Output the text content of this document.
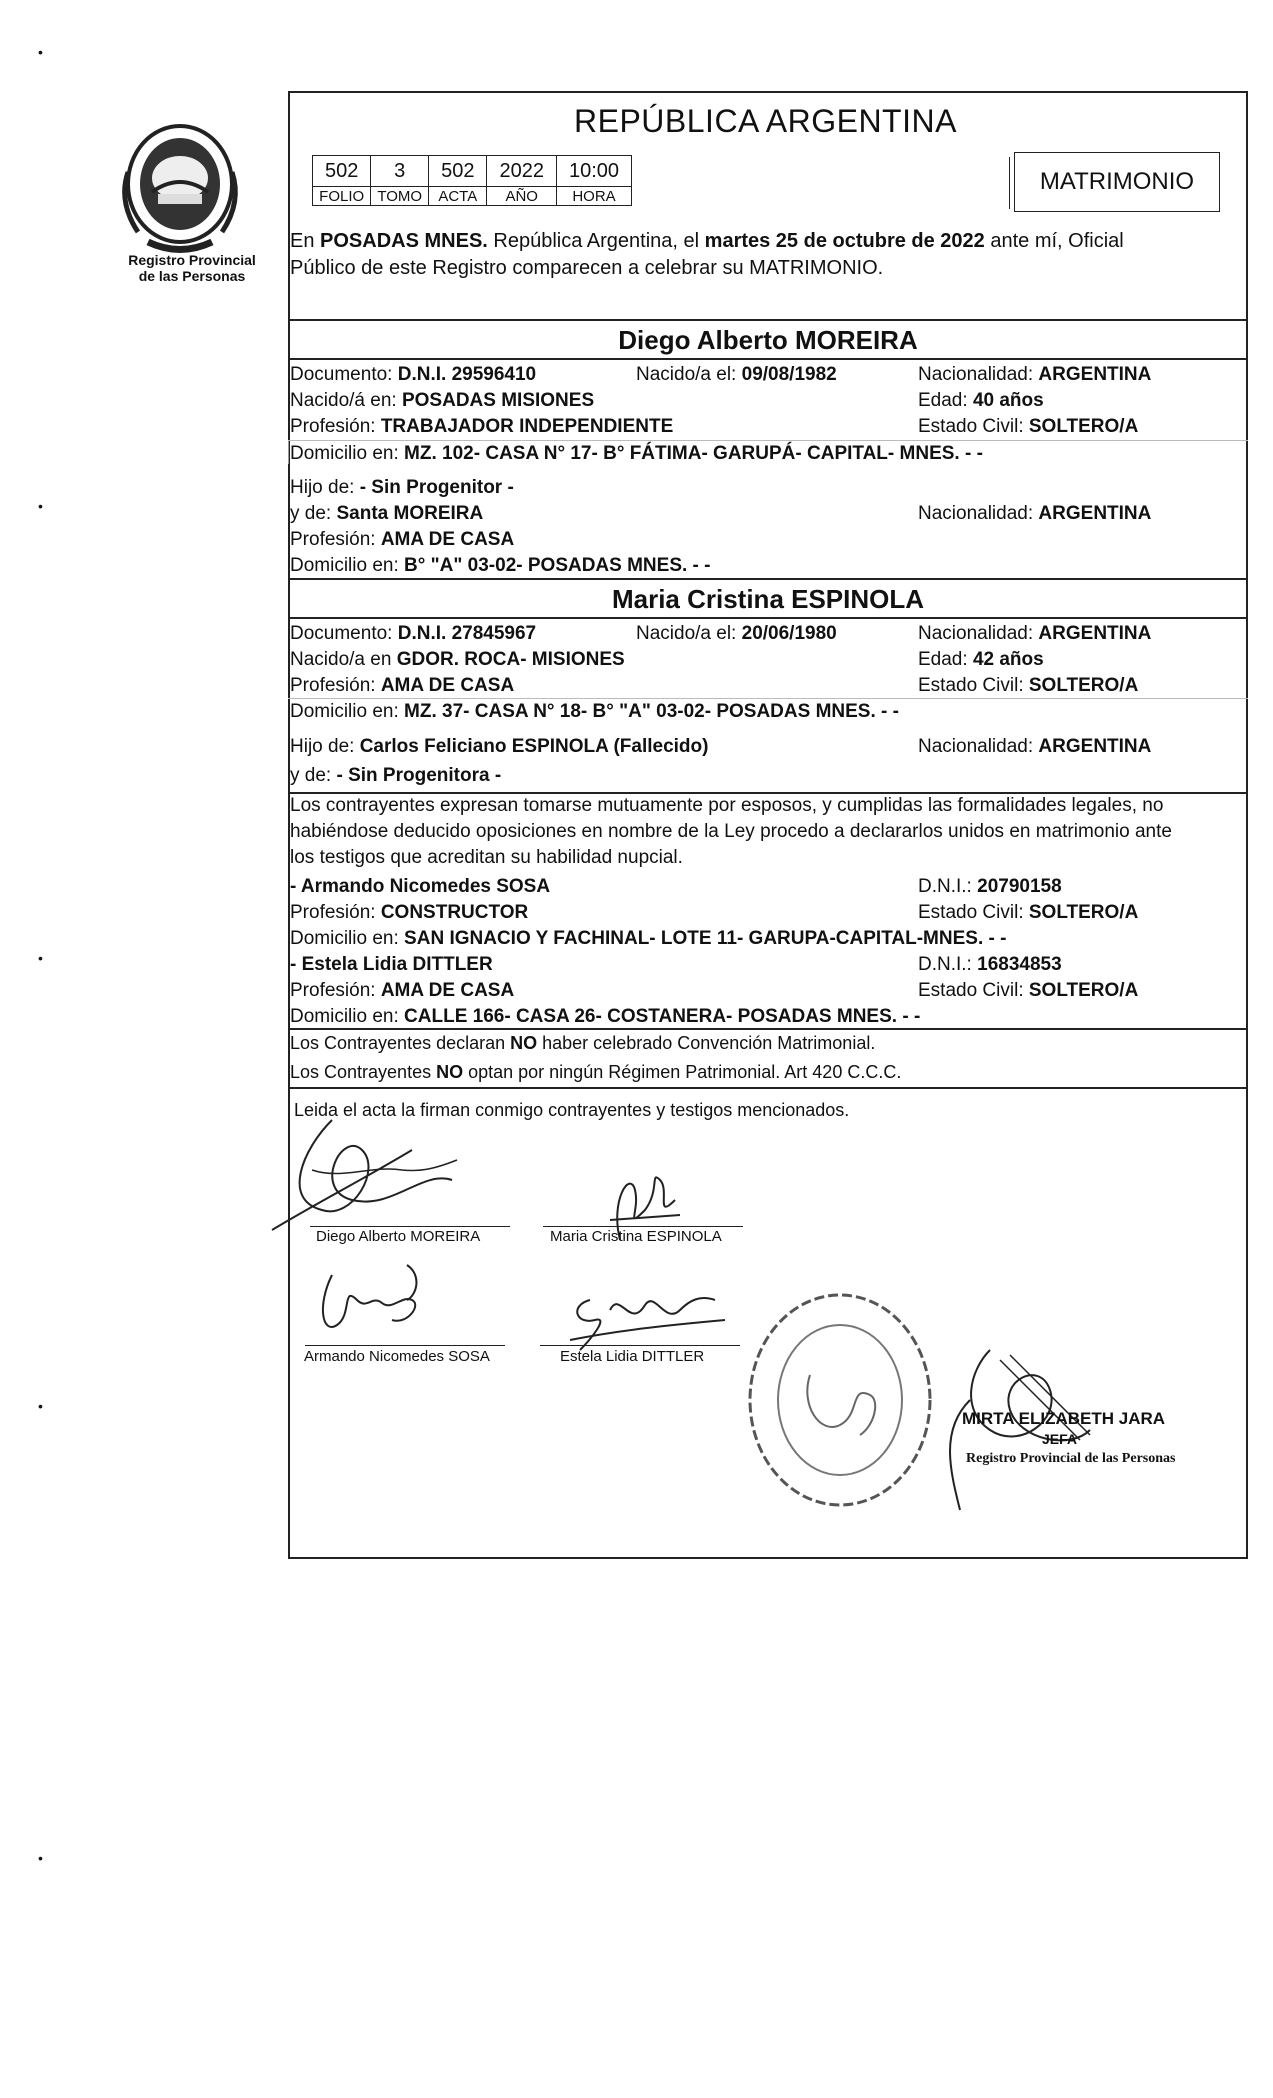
•
•
•
•
•
Registro Provincial
de las Personas
REPÚBLICA ARGENTINA
502	3	502	2022	10:00
FOLIO	TOMO	ACTA	AÑO	HORA
MATRIMONIO
En POSADAS MNES. República Argentina, el martes 25 de octubre de 2022 ante mí, Oficial
Público de este Registro comparecen a celebrar su MATRIMONIO.
Diego Alberto MOREIRA
Documento: D.N.I. 29596410	Nacido/a el: 09/08/1982	Nacionalidad: ARGENTINA
Nacido/á en: POSADAS MISIONES	Edad: 40 años
Profesión: TRABAJADOR INDEPENDIENTE	Estado Civil: SOLTERO/A
Domicilio en: MZ. 102- CASA N° 17- B° FÁTIMA- GARUPÁ- CAPITAL- MNES. - -
Hijo de: - Sin Progenitor -
y de: Santa MOREIRA	Nacionalidad: ARGENTINA
Profesión: AMA DE CASA
Domicilio en: B° "A" 03-02- POSADAS MNES. - -
Maria Cristina ESPINOLA
Documento: D.N.I. 27845967	Nacido/a el: 20/06/1980	Nacionalidad: ARGENTINA
Nacido/a en GDOR. ROCA- MISIONES	Edad: 42 años
Profesión: AMA DE CASA	Estado Civil: SOLTERO/A
Domicilio en: MZ. 37- CASA N° 18- B° "A" 03-02- POSADAS MNES. - -
Hijo de: Carlos Feliciano ESPINOLA (Fallecido)	Nacionalidad: ARGENTINA
y de: - Sin Progenitora -
Los contrayentes expresan tomarse mutuamente por esposos, y cumplidas las formalidades legales, no
habiéndose deducido oposiciones en nombre de la Ley procedo a declararlos unidos en matrimonio ante
los testigos que acreditan su habilidad nupcial.
- Armando Nicomedes SOSA	D.N.I.: 20790158
Profesión: CONSTRUCTOR	Estado Civil: SOLTERO/A
Domicilio en: SAN IGNACIO Y FACHINAL- LOTE 11- GARUPA-CAPITAL-MNES. - -
- Estela Lidia DITTLER	D.N.I.: 16834853
Profesión: AMA DE CASA	Estado Civil: SOLTERO/A
Domicilio en: CALLE 166- CASA 26- COSTANERA- POSADAS MNES. - -
Los Contrayentes declaran NO haber celebrado Convención Matrimonial.
Los Contrayentes NO optan por ningún Régimen Patrimonial. Art 420 C.C.C.
Leida el acta la firman conmigo contrayentes y testigos mencionados.
Diego Alberto MOREIRA	Maria Cristina ESPINOLA
Armando Nicomedes SOSA	Estela Lidia DITTLER
MIRTA ELIZABETH JARA
JEFA
Registro Provincial de las Personas
